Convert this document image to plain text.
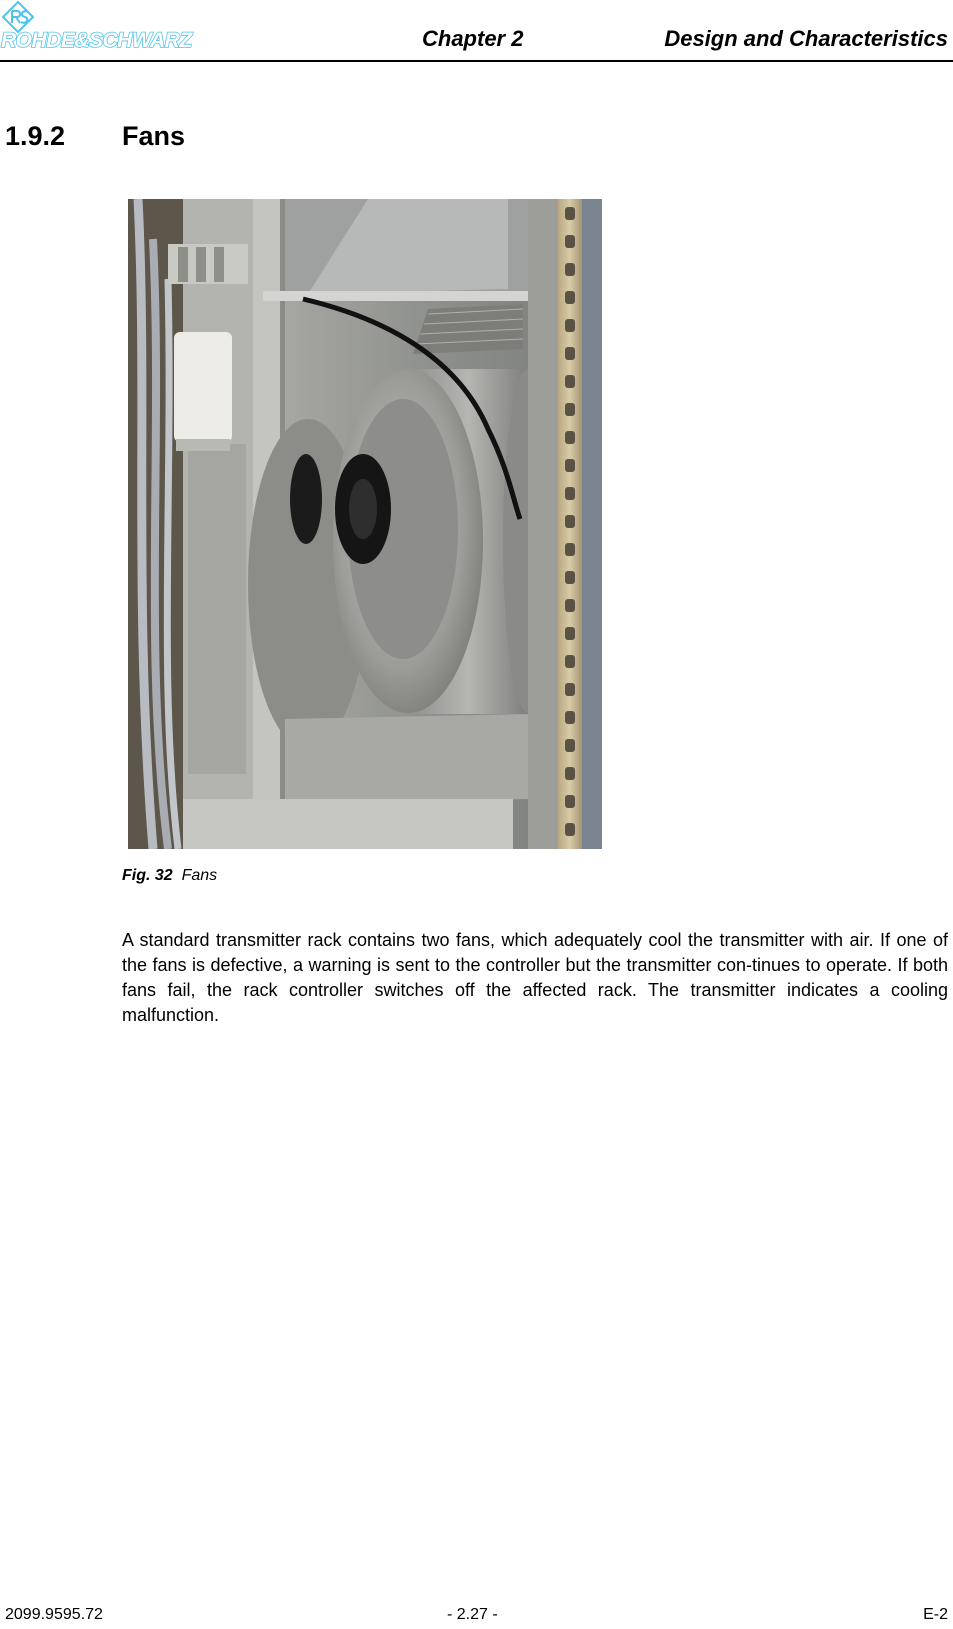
ROHDE&SCHWARZ	Chapter 2	Design and Characteristics
1.9.2 Fans
Fig. 32 Fans
A standard transmitter rack contains two fans, which adequately cool the transmitter with air. If one of the fans is defective, a warning is sent to the controller but the transmitter con-tinues to operate. If both fans fail, the rack controller switches off the affected rack. The transmitter indicates a cooling malfunction.
2099.9595.72	- 2.27 -	E-2
